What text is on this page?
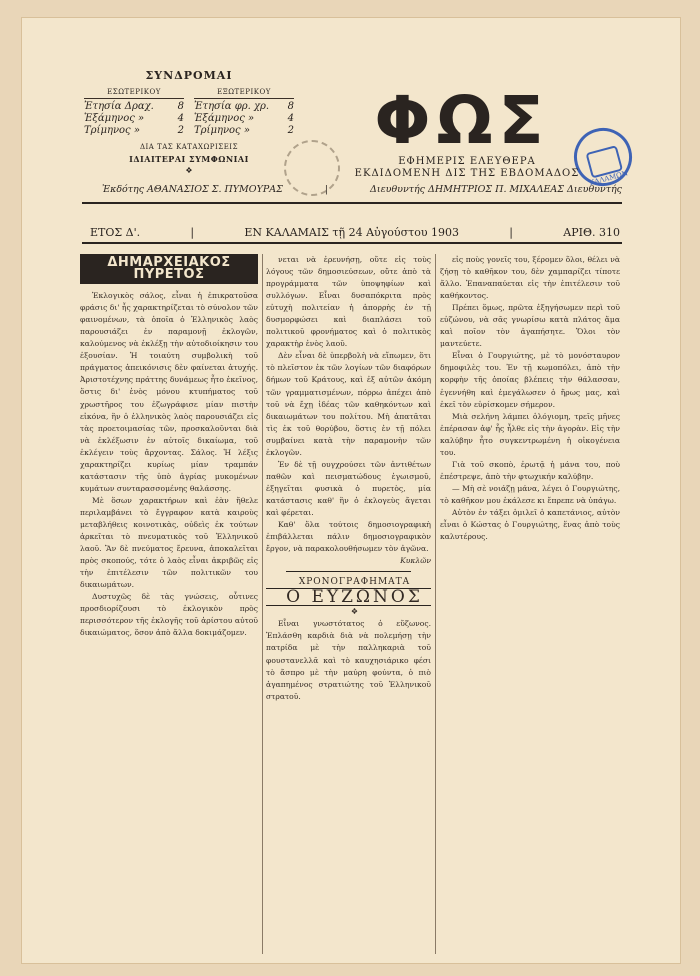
ΣΥΝΔΡΟΜΑΙ
ΕΣΩΤΕΡΙΚΟΥ
Ἐτησία Δραχ. 8
Ἑξάμηνος »	4
Τρίμηνος »	2
ΕΞΩΤΕΡΙΚΟΥ
Ἐτησία φρ. χρ. 8
Ἑξάμηνος »	4
Τρίμηνος »	2
ΔΙΑ ΤΑΣ ΚΑΤΑΧΩΡΙΣΕΙΣ
ΙΔΙΑΙΤΕΡΑΙ ΣΥΜΦΩΝΙΑΙ
❖
ΦΩΣ
ΚΑΛΑΜΩΝ
ΕΦΗΜΕΡΙΣ ΕΛΕΥΘΕΡΑ
ΕΚΔΙΔΟΜΕΝΗ ΔΙΣ ΤΗΣ ΕΒΔΟΜΑΔΟΣ
Ἐκδότης ΑΘΑΝΑΣΙΟΣ Σ. ΠΥΜΟΥΡΑΣ	|	Διευθυντής ΔΗΜΗΤΡΙΟΣ Π. ΜΙΧΑΛΕΑΣ Διευθυντής
ΕΤΟΣ Δ'.	|	ΕΝ ΚΑΛΑΜΑΙΣ τῇ 24 Αὐγούστου 1903	|	ΑΡΙΘ. 310
ΔΗΜΑΡΧΕΙΑΚΟΣ ΠΥΡΕΤΟΣ

Ἐκλογικὸς σάλος, εἶναι ἡ ἐπικρατοῦσα φράσις δι' ἧς χαρακτηρίζεται τὸ σύνολον τῶν φαινομένων, τὰ ὁποῖα ὁ Ἑλληνικὸς λαὸς παρουσιάζει ἐν παραμονῇ ἐκλογῶν, καλούμενος νὰ ἐκλέξῃ τὴν αὐτοδιοίκησιν του ἐξουσίαν. Ἡ τοιαύτη συμβολικὴ τοῦ πράγματος ἀπεικόνισις δὲν φαίνεται ἀτυχής. Ἀριστοτέχνης πράττης δυνάμεως ἦτο ἐκεῖνος, ὅστις δι' ἑνὸς μόνου κτυπήματος τοῦ χρωστῆρος του ἐζωγράφισε μίαν πιστὴν εἰκόνα, ἣν ὁ ἑλληνικὸς λαὸς παρουσιάζει εἰς τὰς προετοιμασίας τῶν, προσκαλοῦνται διὰ νὰ ἐκλέξωσιν ἐν αὐτοῖς δικαίωμα, τοῦ ἐκλέγειν τοὺς ἄρχοντας. Σάλος. Ἡ λέξις χαρακτηρίζει κυρίως μίαν τραμπάν κατάστασιν τῆς ὑπὸ ἀγρίας μυκομένων κυμάτων συνταρασσομένης θαλάσσης.

Μὲ ὅσων χαρακτήρων καὶ ἐὰν ἤθελε περιλαμβάνει τὸ ἔγγραφον κατὰ καιροὺς μεταβλήθεις κοινοτικὰς, οὐδεὶς ἐκ τούτων ἀρκεῖται τὸ πνευματικὸς τοῦ Ἑλληνικοῦ λαοῦ. Ἂν δὲ πνεύματος ἔρευνα, ἀποκαλεῖται πρὸς σκοπούς, τότε ὁ λαὸς εἶναι ἀκριβῶς εἰς τὴν ἐπιτέλεσιν τῶν πολιτικῶν του δικαιωμάτων.

Δυστυχῶς δὲ τὰς γνώσεις, οὗτινες προσδιορίζουσι τὸ ἐκλογικὸν πρὸς περισσότερον τῆς ἐκλογῆς τοῦ ἀρίστου αὐτοῦ δικαιώματος, ὅσον ἀπὸ ἄλλα δοκιμάζομεν.

νεται νὰ ἐρευνήσῃ, οὔτε εἰς τοὺς λόγους τῶν δημοσιεύσεων, οὔτε ἀπὸ τὰ προγράμματα τῶν ὑποψηφίων καὶ συλλόγων. Εἶναι δυσαπόκριτα πρὸς εὐτυχὴ πολιτείαν ἡ ἀπορρὴς ἐν τῇ δυσμορφώσει καὶ διαπλάσει τοῦ πολιτικοῦ φρονήματος καὶ ὁ πολιτικὸς χαρακτὴρ ἑνὸς λαοῦ.

Δὲν εἶναι δὲ ὑπερβολὴ νὰ εἴπωμεν, ὅτι τὸ πλεῖστον ἐκ τῶν λογίων τῶν διαφόρων δήμων τοῦ Κράτους, καὶ ἐξ αὐτῶν ἀκόμη τῶν γραμματισμένων, πόρρω ἀπέχει ἀπὸ τοῦ νὰ ἔχῃ ἰδέας τῶν καθηκόντων καὶ δικαιωμάτων του πολίτου. Μὴ ἀπατᾶται τὶς ἐκ τοῦ θορύβου, ὅστις ἐν τῇ πόλει συμβαίνει κατὰ τὴν παραμονὴν τῶν ἐκλογῶν.

Ἐν δὲ τῇ ουγχρούσει τῶν ἀντιθέτων παθῶν καὶ πεισματώδους ἐγωισμοῦ, ἐξηγεῖται φυσικὰ ὁ πυρετὸς, μία κατάστασις καθ' ἣν ὁ ἐκλογεὺς ἄγεται καὶ φέρεται.

Καθ' ὅλα τούτοις δημοσιογραφικὴ ἐπιβάλλεται πάλιν δημοσιογραφικὸν ἔργον, νὰ παρακολουθήσωμεν τὸν ἀγῶνα.

Κυκλῶν

ΧΡΟΝΟΓΡΑΦΗΜΑΤΑ

Ο ΕΥΖΩΝΟΣ

❖

Εἶναι γνωστότατος ὁ εὔζωνος. Ἐπλάσθη καρδιὰ διὰ νὰ πολεμήσῃ τὴν πατρίδα μὲ τὴν παλληκαριὰ τοῦ φουστανελλᾶ καὶ τὸ καυχησιάρικο φέσι τὸ ἄσπρο μὲ τὴν μαύρη φούντα, ὁ πιὸ ἀγαπημένος στρατιώτης τοῦ Ἑλληνικοῦ στρατοῦ.

εἰς ποὺς γονεῖς του, ξέρομεν ὅλοι, θέλει νὰ ζήσῃ τὸ καθῆκον του, δὲν χαμπαρίζει τίποτε ἄλλο. Ἐπαναπαύεται εἰς τὴν ἐπιτέλεσιν τοῦ καθήκοντος.

Πρέπει ὅμως, πρῶτα ἐξηγήσωμεν περὶ τοῦ εὐζώνου, νὰ σᾶς γνωρίσω κατὰ πλάτος ἅμα καὶ ποῖον τὸν ἀγαπήσητε. Ὅλοι τὸν μαντεύετε.

Εἶναι ὁ Γουργιώτης, μὲ τὸ μονόσταυρον δημοφιλὲς του. Ἐν τῇ κωμοπόλει, ἀπὸ τὴν κορφὴν τῆς ὁποίας βλέπεις τὴν θάλασσαν, ἐγεννήθη καὶ ἐμεγάλωσεν ὁ ἥρως μας, καὶ ἐκεῖ τὸν εὑρίσκομεν σήμερον.

Μιὰ σελήνη λάμπει ὁλόγιομη, τρεῖς μῆνες ἐπέρασαν ἀφ' ἧς ἦλθε εἰς τὴν ἀγορὰν. Εἰς τὴν καλύβην ἦτο συγκεντρωμένη ἡ οἰκογένεια του.

Γιὰ τοῦ σκοπὸ, ἐρωτᾷ ἡ μάνα του, ποὺ ἐπέστρεψε, ἀπὸ τὴν φτωχικήν καλύβην.

— Μὴ σὲ νοιάζῃ μάνα, λέγει ὁ Γουργιώτης, τὸ καθῆκον μου ἐκάλεσε κι ἔπρεπε νὰ ὑπάγω.

Αὐτὸν ἐν τάξει ὁμιλεῖ ὁ καπετάνιος, αὐτὸν εἶναι ὁ Κώστας ὁ Γουργιώτης, ἕνας ἀπὸ τοὺς καλυτέρους.
